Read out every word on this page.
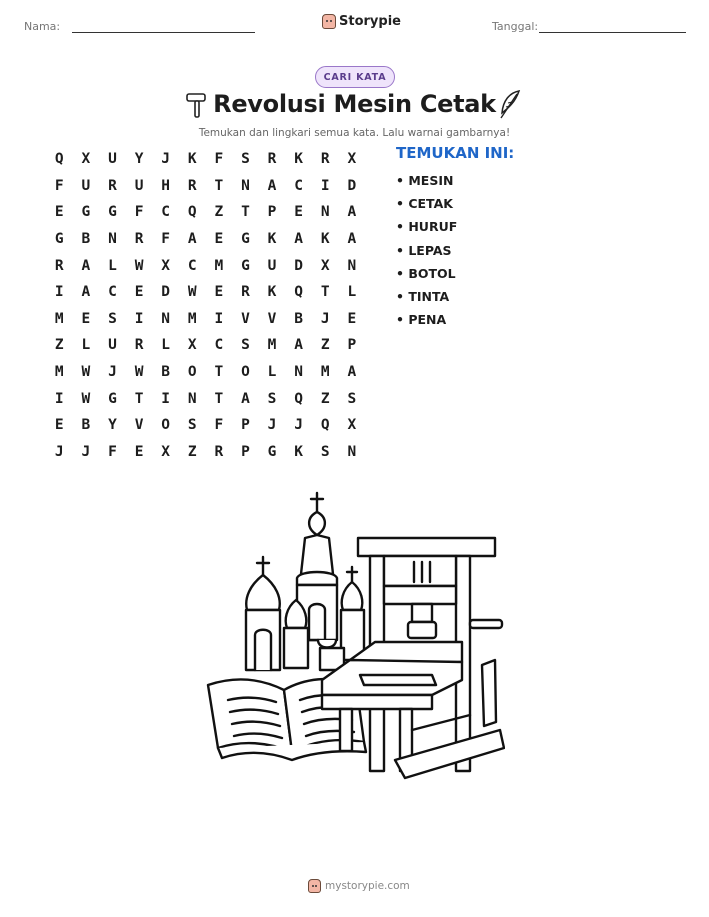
Nama:	Storypie	Tanggal:
CARI KATA
Revolusi Mesin Cetak
Temukan dan lingkari semua kata. Lalu warnai gambarnya!
Q	X	U	Y	J	K	F	S	R	K	R	X
F	U	R	U	H	R	T	N	A	C	I	D
E	G	G	F	C	Q	Z	T	P	E	N	A
G	B	N	R	F	A	E	G	K	A	K	A
R	A	L	W	X	C	M	G	U	D	X	N
I	A	C	E	D	W	E	R	K	Q	T	L
M	E	S	I	N	M	I	V	V	B	J	E
Z	L	U	R	L	X	C	S	M	A	Z	P
M	W	J	W	B	O	T	O	L	N	M	A
I	W	G	T	I	N	T	A	S	Q	Z	S
E	B	Y	V	O	S	F	P	J	J	Q	X
J	J	F	E	X	Z	R	P	G	K	S	N
TEMUKAN INI:
• MESIN
• CETAK
• HURUF
• LEPAS
• BOTOL
• TINTA
• PENA
mystorypie.com
